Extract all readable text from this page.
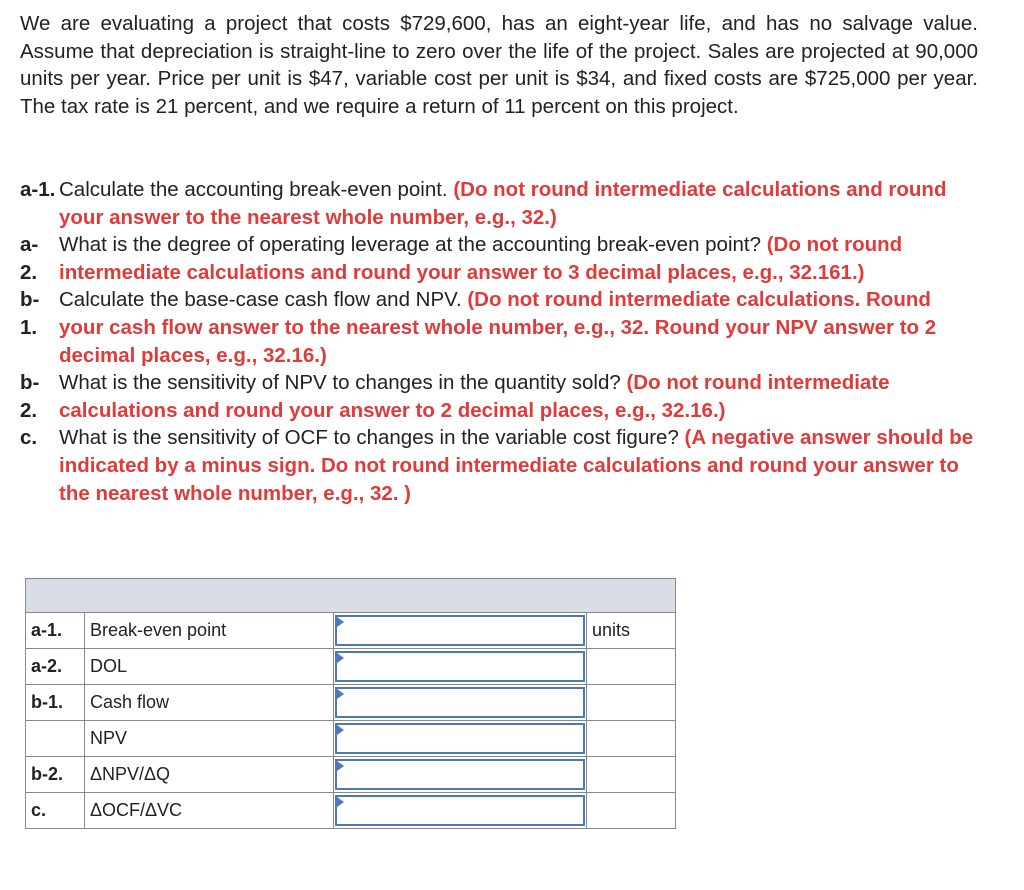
We are evaluating a project that costs $729,600, has an eight-year life, and has no salvage value. Assume that depreciation is straight-line to zero over the life of the project. Sales are projected at 90,000 units per year. Price per unit is $47, variable cost per unit is $34, and fixed costs are $725,000 per year. The tax rate is 21 percent, and we require a return of 11 percent on this project.
a-1. Calculate the accounting break-even point. (Do not round intermediate calculations and round your answer to the nearest whole number, e.g., 32.)
a-
2.
What is the degree of operating leverage at the accounting break-even point? (Do not round intermediate calculations and round your answer to 3 decimal places, e.g., 32.161.)
b-
1.
Calculate the base-case cash flow and NPV. (Do not round intermediate calculations. Round your cash flow answer to the nearest whole number, e.g., 32. Round your NPV answer to 2 decimal places, e.g., 32.16.)
b-
2.
What is the sensitivity of NPV to changes in the quantity sold? (Do not round intermediate calculations and round your answer to 2 decimal places, e.g., 32.16.)
c.	What is the sensitivity of OCF to changes in the variable cost figure? (A negative answer should be indicated by a minus sign. Do not round intermediate calculations and round your answer to the nearest whole number, e.g., 32. )

a-1.	Break-even point		units
a-2.	DOL	

b-1.	Cash flow	

	NPV	

b-2.	ΔNPV/ΔQ	

c.	ΔOCF/ΔVC	
